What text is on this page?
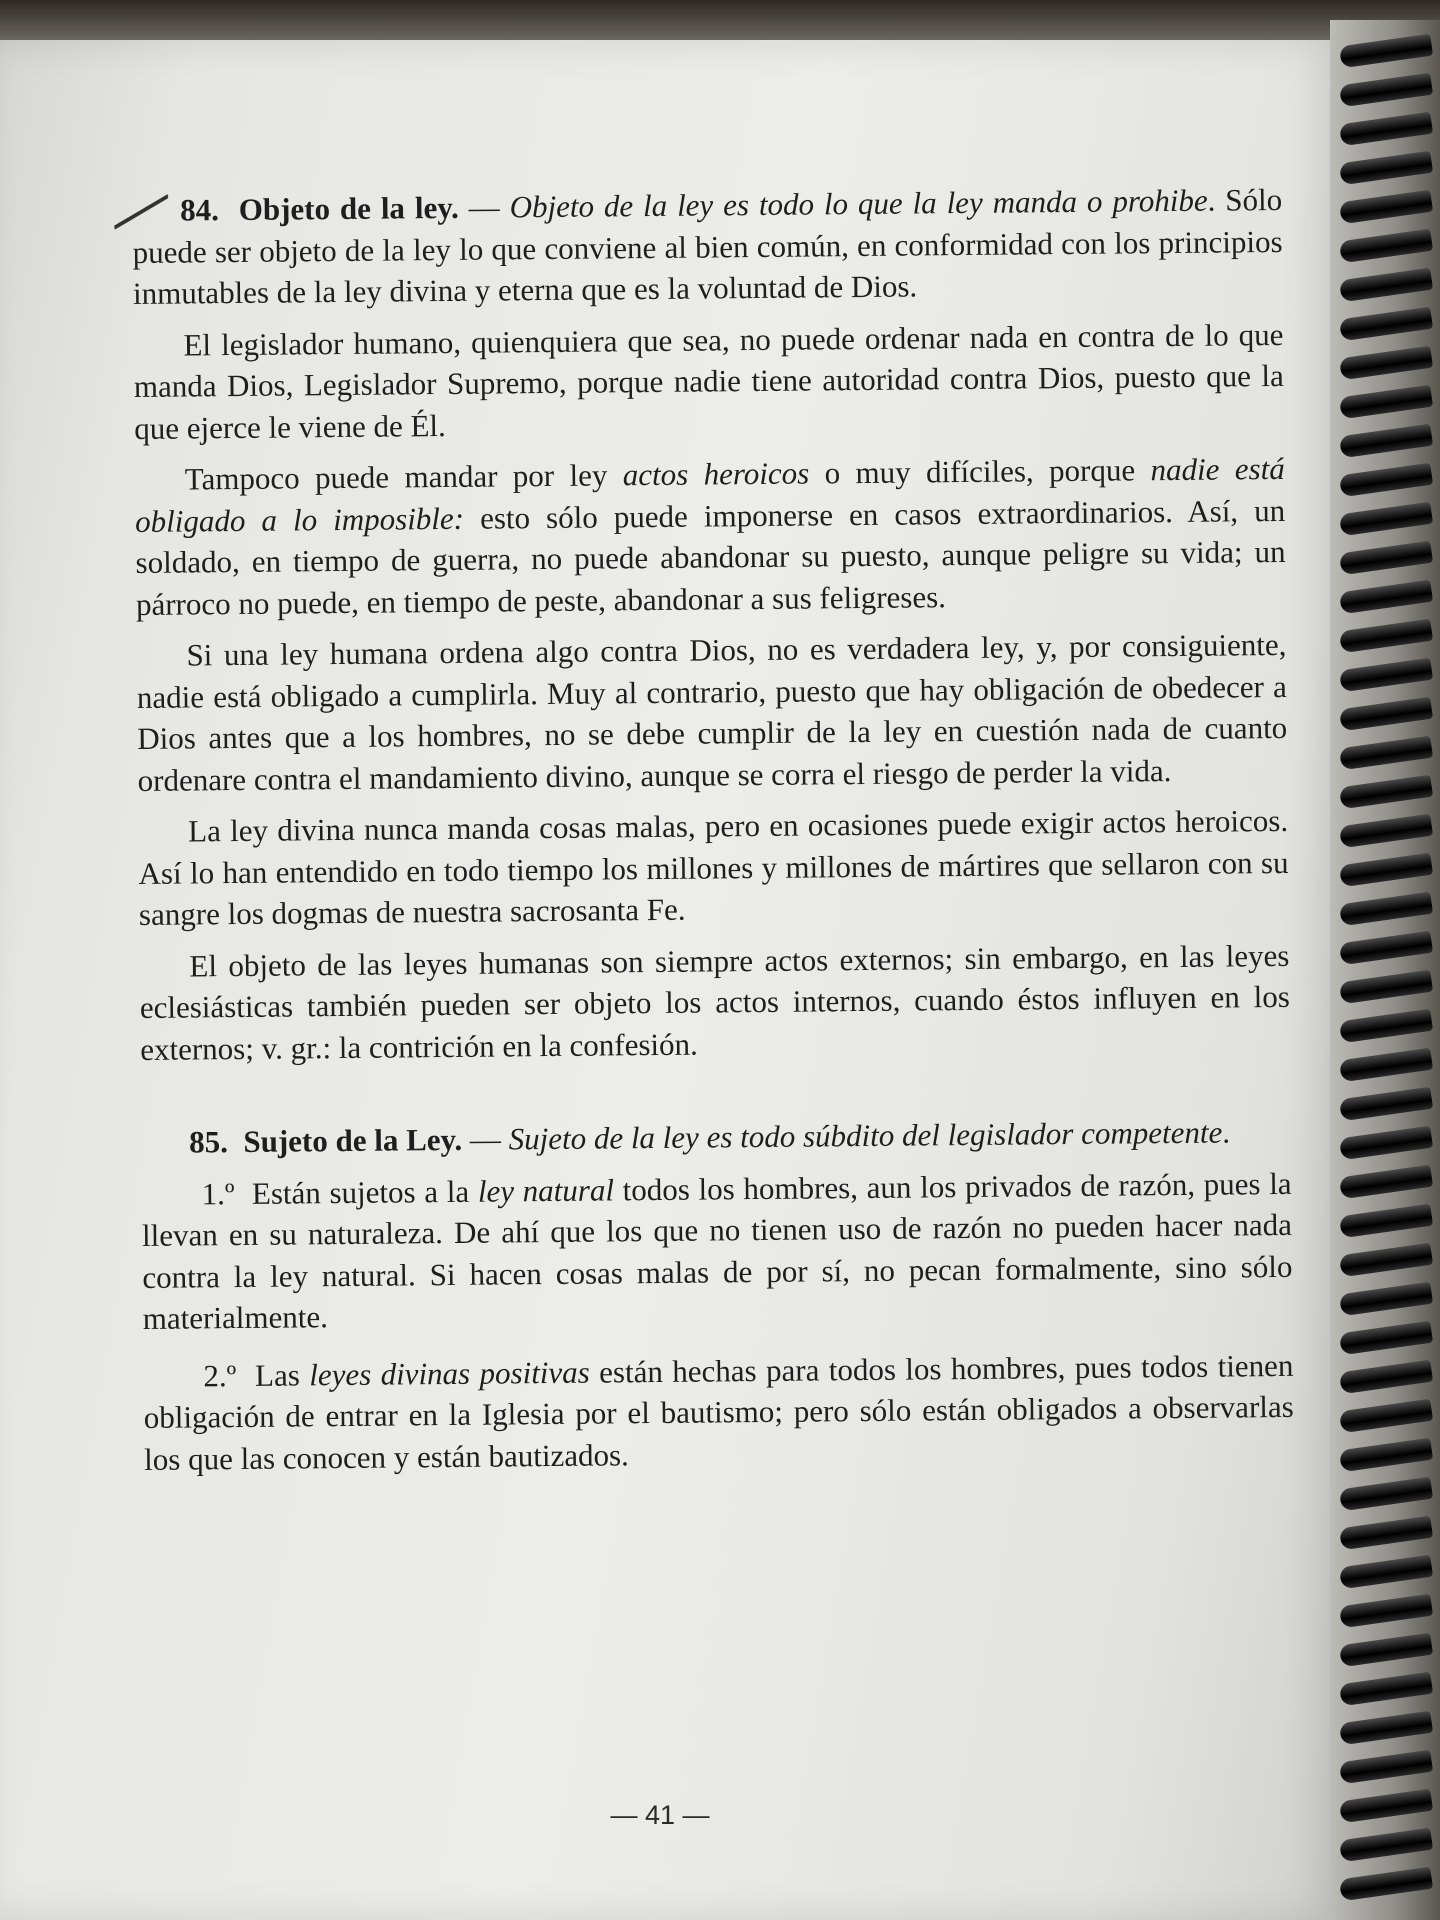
84. Objeto de la ley. — Objeto de la ley es todo lo que la ley manda o prohibe. Sólo puede ser objeto de la ley lo que conviene al bien común, en conformidad con los principios inmutables de la ley divina y eterna que es la voluntad de Dios.

El legislador humano, quienquiera que sea, no puede ordenar nada en contra de lo que manda Dios, Legislador Supremo, porque nadie tiene autoridad contra Dios, puesto que la que ejerce le viene de Él.

Tampoco puede mandar por ley actos heroicos o muy difíciles, porque nadie está obligado a lo imposible: esto sólo puede imponerse en casos extraordinarios. Así, un soldado, en tiempo de guerra, no puede abandonar su puesto, aunque peligre su vida; un párroco no puede, en tiempo de peste, abandonar a sus feligreses.

Si una ley humana ordena algo contra Dios, no es verdadera ley, y, por consiguiente, nadie está obligado a cumplirla. Muy al contrario, puesto que hay obligación de obedecer a Dios antes que a los hombres, no se debe cumplir de la ley en cuestión nada de cuanto ordenare contra el mandamiento divino, aunque se corra el riesgo de perder la vida.

La ley divina nunca manda cosas malas, pero en ocasiones puede exigir actos heroicos. Así lo han entendido en todo tiempo los millones y millones de mártires que sellaron con su sangre los dogmas de nuestra sacrosanta Fe.

El objeto de las leyes humanas son siempre actos externos; sin embargo, en las leyes eclesiásticas también pueden ser objeto los actos internos, cuando éstos influyen en los externos; v. gr.: la contrición en la confesión.

85. Sujeto de la Ley. — Sujeto de la ley es todo súbdito del legislador competente.

1.º Están sujetos a la ley natural todos los hombres, aun los privados de razón, pues la llevan en su naturaleza. De ahí que los que no tienen uso de razón no pueden hacer nada contra la ley natural. Si hacen cosas malas de por sí, no pecan formalmente, sino sólo materialmente.

2.º Las leyes divinas positivas están hechas para todos los hombres, pues todos tienen obligación de entrar en la Iglesia por el bautismo; pero sólo están obligados a observarlas los que las conocen y están bautizados.

— 41 —
